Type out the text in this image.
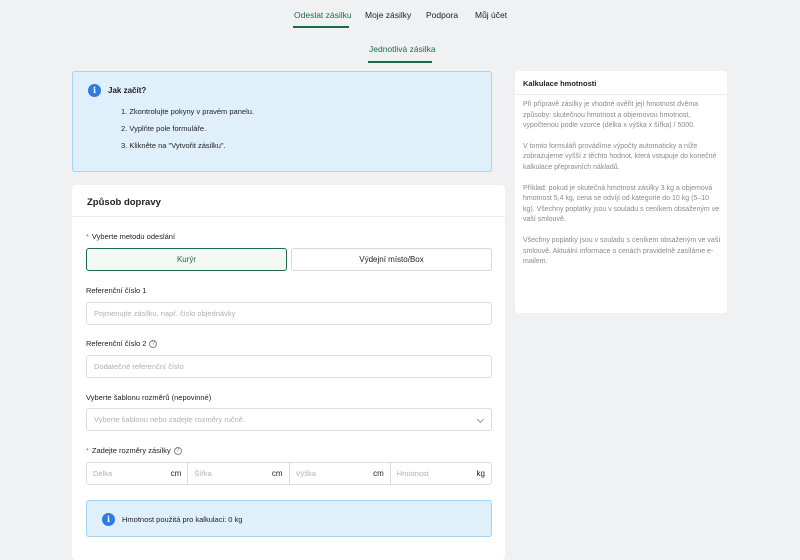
Odeslat zásilku Moje zásilky Podpora Můj účet
Jednotlivá zásilka
i	Jak začít?
1. Zkontrolujte pokyny v pravém panelu.
2. Vyplňte pole formuláře.
3. Klikněte na "Vytvořit zásilku".
Způsob dopravy
* Vyberte metodu odeslání
Kurýr	Výdejní místo/Box
Referenční číslo 1
Pojmenujte zásilku, např. číslo objednávky
Referenční číslo 2 ?
Dodatečné referenční číslo
Vyberte šablonu rozměrů (nepovinné)
Vyberte šablonu nebo zadejte rozměry ručně.
* Zadejte rozměry zásilky ?
Délka
cm
Šířka	cm
Výška	cm
Hmotnost	kg
i	Hmotnost použitá pro kalkulaci: 0 kg
Kalkulace hmotnosti

Při přípravě zásilky je vhodné ověřit její hmotnost dvěma způsoby: skutečnou hmotnost a objemovou hmotnost, vypočtenou podle vzorce (délka x výška x šířka) / 5000.

V tomto formuláři provádíme výpočty automaticky a níže zobrazujeme vyšší z těchto hodnot, která vstupuje do konečné kalkulace přepravních nákladů.

Příklad: pokud je skutečná hmotnost zásilky 3 kg a objemová hmotnost 5,4 kg, cena se odvíjí od kategorie do 10 kg (5–10 kg). Všechny poplatky jsou v souladu s ceníkem obsaženým ve vaší smlouvě.

Všechny poplatky jsou v souladu s ceníkem obsaženým ve vaší smlouvě. Aktuální informace o cenách pravidelně zasíláme e-mailem.
